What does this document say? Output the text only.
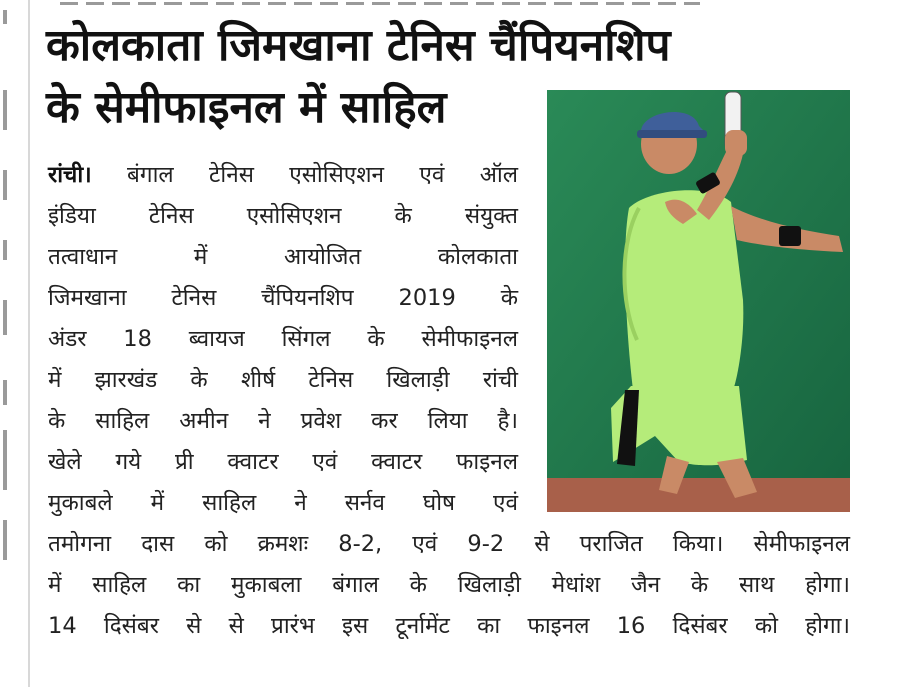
कोलकाता जिमखाना टेनिस चैंपियनशिप
के सेमीफाइनल में साहिल
रांची। बंगाल टेनिस एसोसिएशन एवं ऑल
इंडिया टेनिस एसोसिएशन के संयुक्त
तत्वाधान में आयोजित कोलकाता
जिमखाना टेनिस चैंपियनशिप 2019 के
अंडर 18 ब्वायज सिंगल के सेमीफाइनल
में झारखंड के शीर्ष टेनिस खिलाड़ी रांची
के साहिल अमीन ने प्रवेश कर लिया है।
खेले गये प्री क्वाटर एवं क्वाटर फाइनल
मुकाबले में साहिल ने सर्नव घोष एवं
तमोगना दास को क्रमशः 8-2, एवं 9-2 से पराजित किया। सेमीफाइनल
में साहिल का मुकाबला बंगाल के खिलाड़ी मेधांश जैन के साथ होगा।
14 दिसंबर से से प्रारंभ इस टूर्नामेंट का फाइनल 16 दिसंबर को होगा।
